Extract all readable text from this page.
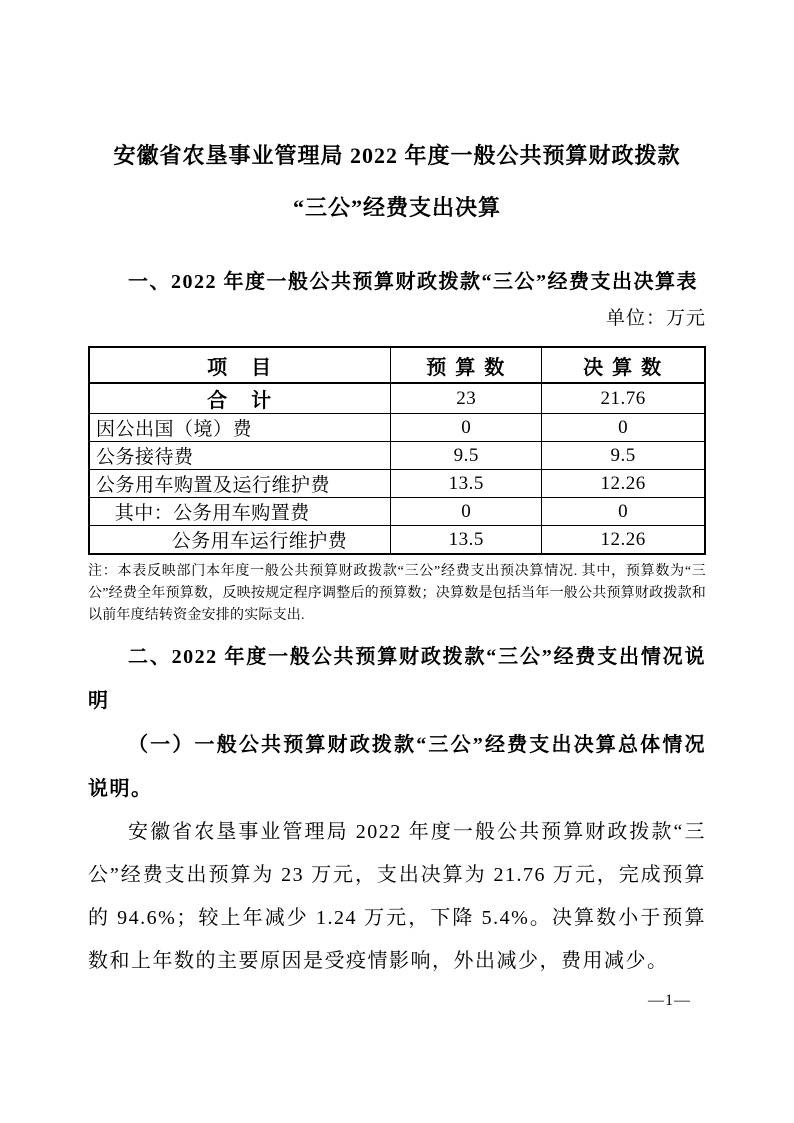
安徽省农垦事业管理局 2022 年度一般公共预算财政拨款
“三公”经费支出决算

一、2022 年度一般公共预算财政拨款“三公”经费支出决算表

单位：万元

项　目	预 算 数	决 算 数
合　计	23	21.76
因公出国（境）费	0	0
公务接待费	9.5	9.5
公务用车购置及运行维护费	13.5	12.26
其中：公务用车购置费	0	0
公务用车运行维护费	13.5	12.26

注：本表反映部门本年度一般公共预算财政拨款“三公”经费支出预决算情况. 其中，预算数为“三公”经费全年预算数，反映按规定程序调整后的预算数；决算数是包括当年一般公共预算财政拨款和以前年度结转资金安排的实际支出.

二、2022 年度一般公共预算财政拨款“三公”经费支出情况说明

（一）一般公共预算财政拨款“三公”经费支出决算总体情况说明。

安徽省农垦事业管理局 2022 年度一般公共预算财政拨款“三公”经费支出预算为 23 万元，支出决算为 21.76 万元，完成预算的 94.6%；较上年减少 1.24 万元，下降 5.4%。决算数小于预算数和上年数的主要原因是受疫情影响，外出减少，费用减少。

—1—
